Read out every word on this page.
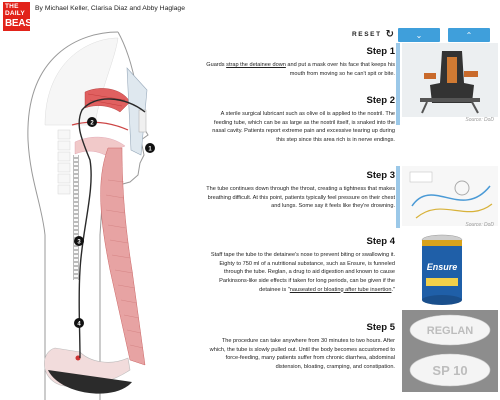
THE DAILY
BEAST
By Michael Keller, Clarisa Diaz and Abby Haglage
1
2
3
4
RESET ↻	⌄	⌃
Step 1
Guards strap the detainee down and put a mask over his face that keeps his mouth from moving so he can't spit or bite.
Source: DoD
Step 2
A sterile surgical lubricant such as olive oil is applied to the nostril. The feeding tube, which can be as large as the nostril itself, is snaked into the nasal cavity. Patients report extreme pain and excessive tearing up during this step since this area rich is in nerve endings.
Step 3
The tube continues down through the throat, creating a tightness that makes breathing difficult. At this point, patients typically feel pressure on their chest and lungs. Some say it feels like they're drowning.
Source: DoD
Step 4
Staff tape the tube to the detainee's nose to prevent biting or swallowing it. Eighty to 750 ml of a nutritional substance, such as Ensure, is funneled through the tube. Reglan, a drug to aid digestion and known to cause Parkinsons-like side effects if taken for long periods, can be given if the detainee is "nauseated or bloating after tube insertion."
Ensure
Step 5
The procedure can take anywhere from 30 minutes to two hours. After which, the tube is slowly pulled out. Until the body becomes accustomed to force-feeding, many patients suffer from chronic diarrhea, abdominal distension, bloating, cramping, and constipation.
REGLAN
SP 10
